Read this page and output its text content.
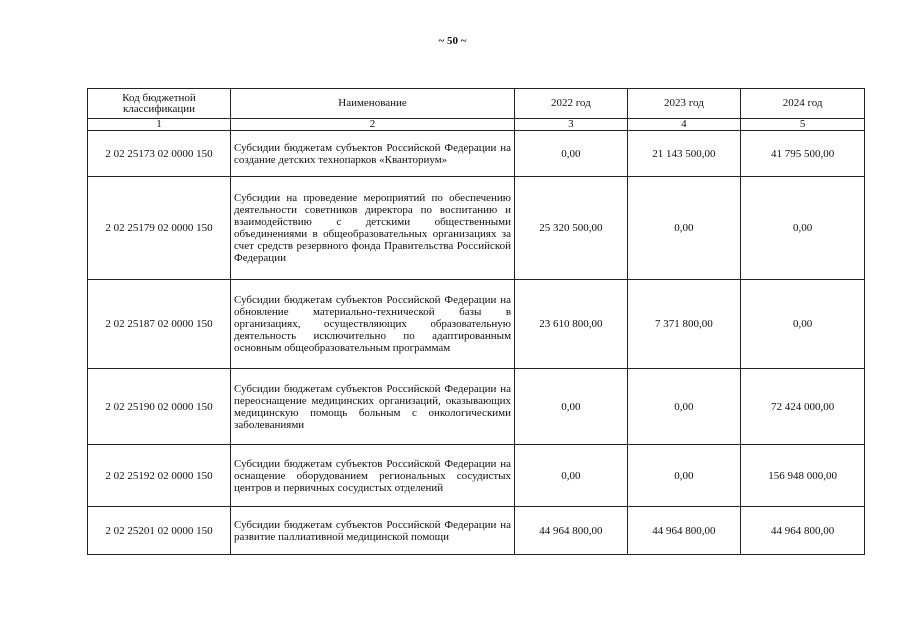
~ 50 ~
Код бюджетной классификации	Наименование	2022 год	2023 год	2024 год
1	2	3	4	5
2 02 25173 02 0000 150	Субсидии бюджетам субъектов Российской Федерации на создание детских технопарков «Кванториум»	0,00	21 143 500,00	41 795 500,00
2 02 25179 02 0000 150	Субсидии на проведение мероприятий по обеспечению деятельности советников директора по воспитанию и взаимодействию с детскими общественными объединениями в общеобразовательных организациях за счет средств резервного фонда Правительства Российской Федерации	25 320 500,00	0,00	0,00
2 02 25187 02 0000 150	Субсидии бюджетам субъектов Российской Федерации на обновление материально-технической базы в организациях, осуществляющих образовательную деятельность исключительно по адаптированным основным общеобразовательным программам	23 610 800,00	7 371 800,00	0,00
2 02 25190 02 0000 150	Субсидии бюджетам субъектов Российской Федерации на переоснащение медицинских организаций, оказывающих медицинскую помощь больным с онкологическими заболеваниями	0,00	0,00	72 424 000,00
2 02 25192 02 0000 150	Субсидии бюджетам субъектов Российской Федерации на оснащение оборудованием региональных сосудистых центров и первичных сосудистых отделений	0,00	0,00	156 948 000,00
2 02 25201 02 0000 150	Субсидии бюджетам субъектов Российской Федерации на развитие паллиативной медицинской помощи	44 964 800,00	44 964 800,00	44 964 800,00
